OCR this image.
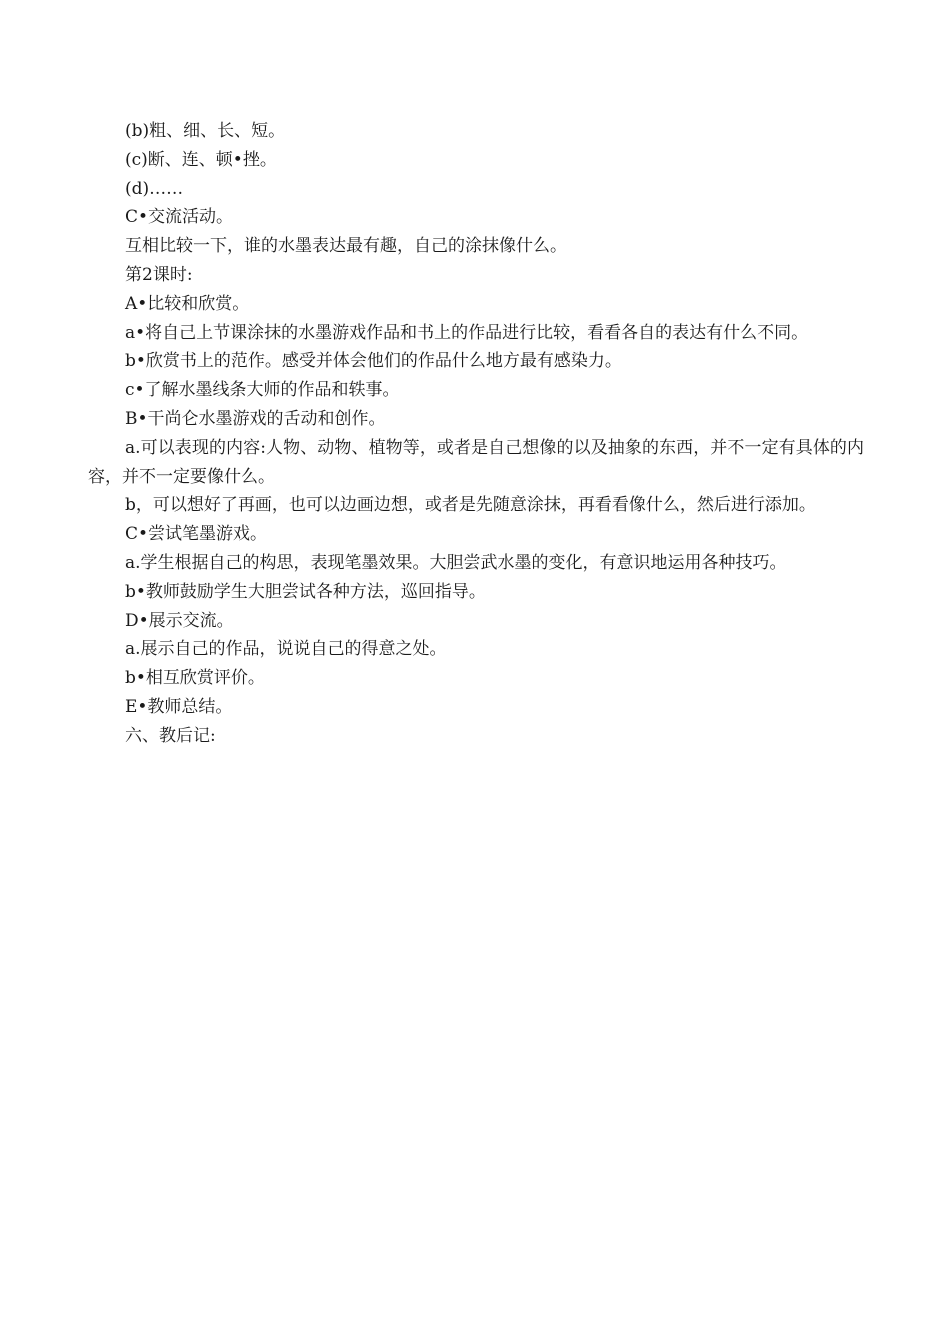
(b)粗、细、长、短。

(c)断、连、顿•挫。

(d)……

C•交流活动。

互相比较一下，谁的水墨表达最有趣，自己的涂抹像什么。

第2课时:

A•比较和欣赏。

a•将自己上节课涂抹的水墨游戏作品和书上的作品进行比较，看看各自的表达有什么不同。

b•欣赏书上的范作。感受并体会他们的作品什么地方最有感染力。

c•了解水墨线条大师的作品和轶事。

B•干尚仑水墨游戏的舌动和创作。

a.可以表现的内容:人物、动物、植物等，或者是自己想像的以及抽象的东西，并不一定有具体的内容，并不一定要像什么。

b，可以想好了再画，也可以边画边想，或者是先随意涂抹，再看看像什么，然后进行添加。

C•尝试笔墨游戏。

a.学生根据自己的构思，表现笔墨效果。大胆尝武水墨的变化，有意识地运用各种技巧。

b•教师鼓励学生大胆尝试各种方法，巡回指导。

D•展示交流。

a.展示自己的作品，说说自己的得意之处。

b•相互欣赏评价。

E•教师总结。

六、教后记:
